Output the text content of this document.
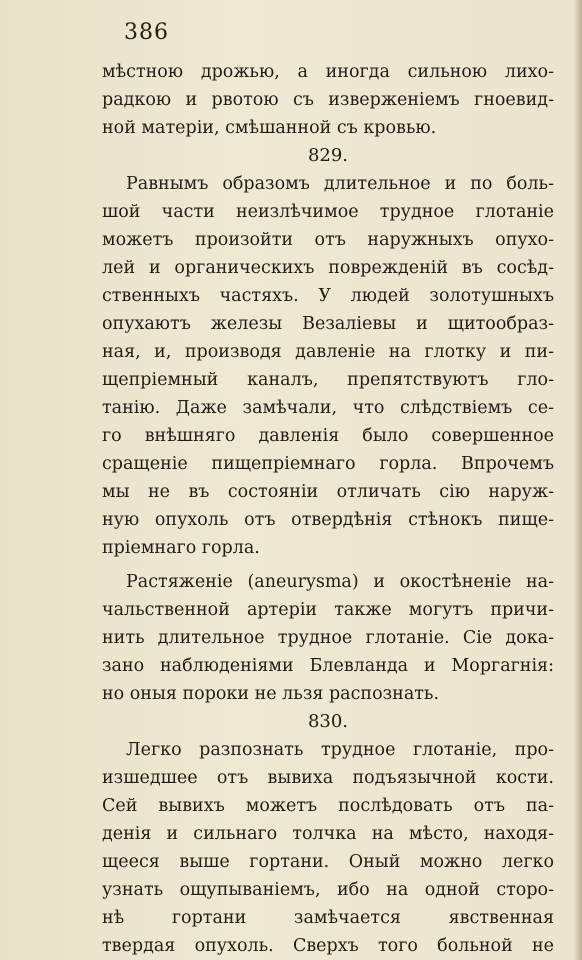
386
мѣстною дрожью, а иногда сильною лихо-
радкою и рвотою съ изверженіемъ гноевид-
ной матеріи, смѣшанной съ кровью.
829.
Равнымъ образомъ длительное и по боль-
шой части неизлѣчимое трудное глотаніе
можетъ произойти отъ наружныхъ опухо-
лей и органическихъ поврежденій въ сосѣд-
ственныхъ частяхъ. У людей золотушныхъ
опухаютъ железы Везаліевы и щитообраз-
ная, и, производя давленіе на глотку и пи-
щепріемный каналъ, препятствуютъ гло-
танію. Даже замѣчали, что слѣдствіемъ се-
го внѣшняго давленія было совершенное
сращеніе пищепріемнаго горла. Впрочемъ
мы не въ состояніи отличать сію наруж-
ную опухоль отъ отвердѣнія стѣнокъ пище-
пріемнаго горла.
Растяженіе (aneurysma) и окостѣненіе на-
чальственной артеріи также могутъ причи-
нить длительное трудное глотаніе. Сіе дока-
зано наблюденіями Блевланда и Моргагнія:
но оныя пороки не льзя распознать.
830.
Легко разпознать трудное глотаніе, про-
изшедшее отъ вывиха подъязычной кости.
Сей вывихъ можетъ послѣдовать отъ па-
денія и сильнаго толчка на мѣсто, находя-
щееся выше гортани. Оный можно легко
узнать ощупываніемъ, ибо на одной сторо-
нѣ гортани замѣчается явственная
твердая опухоль. Сверхъ того больной не
